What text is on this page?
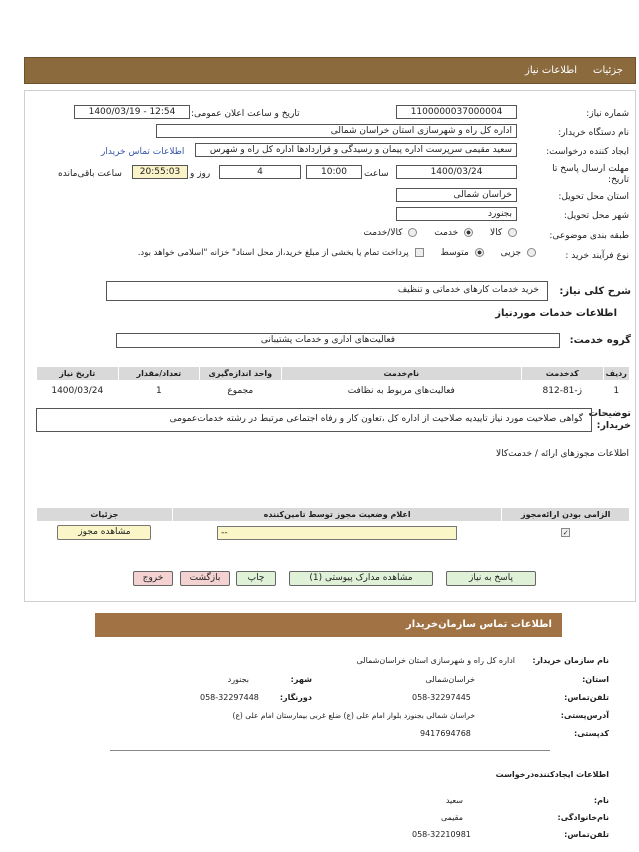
جزئیات
اطلاعات نیاز
شماره نیاز:
1100000037000004
تاریخ و ساعت اعلان عمومی:
1400/03/19 - 12:54
نام دستگاه خریدار:
اداره کل راه و شهرسازی استان خراسان شمالی
ایجاد کننده درخواست:
سعید مقیمی سرپرست اداره پیمان و رسیدگی و قراردادها اداره کل راه و شهرس
اطلاعات تماس خریدار
مهلت ارسال پاسخ تا تاریخ:
1400/03/24
ساعت
10:00
4
روز و
20:55:03
ساعت باقی‌مانده
استان محل تحویل:
خراسان شمالی
شهر محل تحویل:
بجنورد
طبقه بندی موضوعی:
کالا  خدمت  کالا/خدمت
نوع فرآیند خرید :
جزیی  متوسط  پرداخت تمام یا بخشی از مبلغ خرید،از محل اسناد" خزانه "اسلامی خواهد بود.
شرح کلی نیاز:
خرید خدمات کارهای خدماتی و تنظیف
اطلاعات خدمات مورد‌نیاز
گروه خدمت:
فعالیت‌های اداری و خدمات پشتیبانی
ردیف	کدخدمت	نام‌خدمت	واحد اندازه‌گیری	تعداد/مقدار	تاریخ نیاز
1	ز-81-812	فعالیت‌های مربوط به نظافت	مجموع	1	1400/03/24
توضیحات خریدار:
گواهی صلاحیت مورد نیاز تاییدیه صلاحیت از اداره کل ،تعاون کار و رفاه اجتماعی مرتبط در رشته خدمات‌عمومی
اطلاعات مجوزهای ارائه / خدمت‌کالا
الزامی بودن ارائه‌مجوز	اعلام وضعیت مجوز توسط تامین‌کننده	جزئیات
✓	--	مشاهده مجوز
پاسخ به نیاز
مشاهده مدارک پیوستی (1)
چاپ
بازگشت
خروج
اطلاعات تماس سازمان‌خریدار
نام سازمان خریدار:
اداره کل راه و شهرسازی استان خراسان‌شمالی
استان:
خراسان‌شمالی
شهر:
بجنورد
تلفن‌تماس:
058-32297445
دورنگار:
058-32297448
آدرس‌پستی:
خراسان شمالی بجنورد بلوار امام علی (ع) ضلع غربی بیمارستان امام علی (ع)
کدپستی:
9417694768
اطلاعات ایجادکننده‌درخواست
نام:
سعید
نام‌خانوادگی:
مقیمی
تلفن‌تماس:
058-32210981
